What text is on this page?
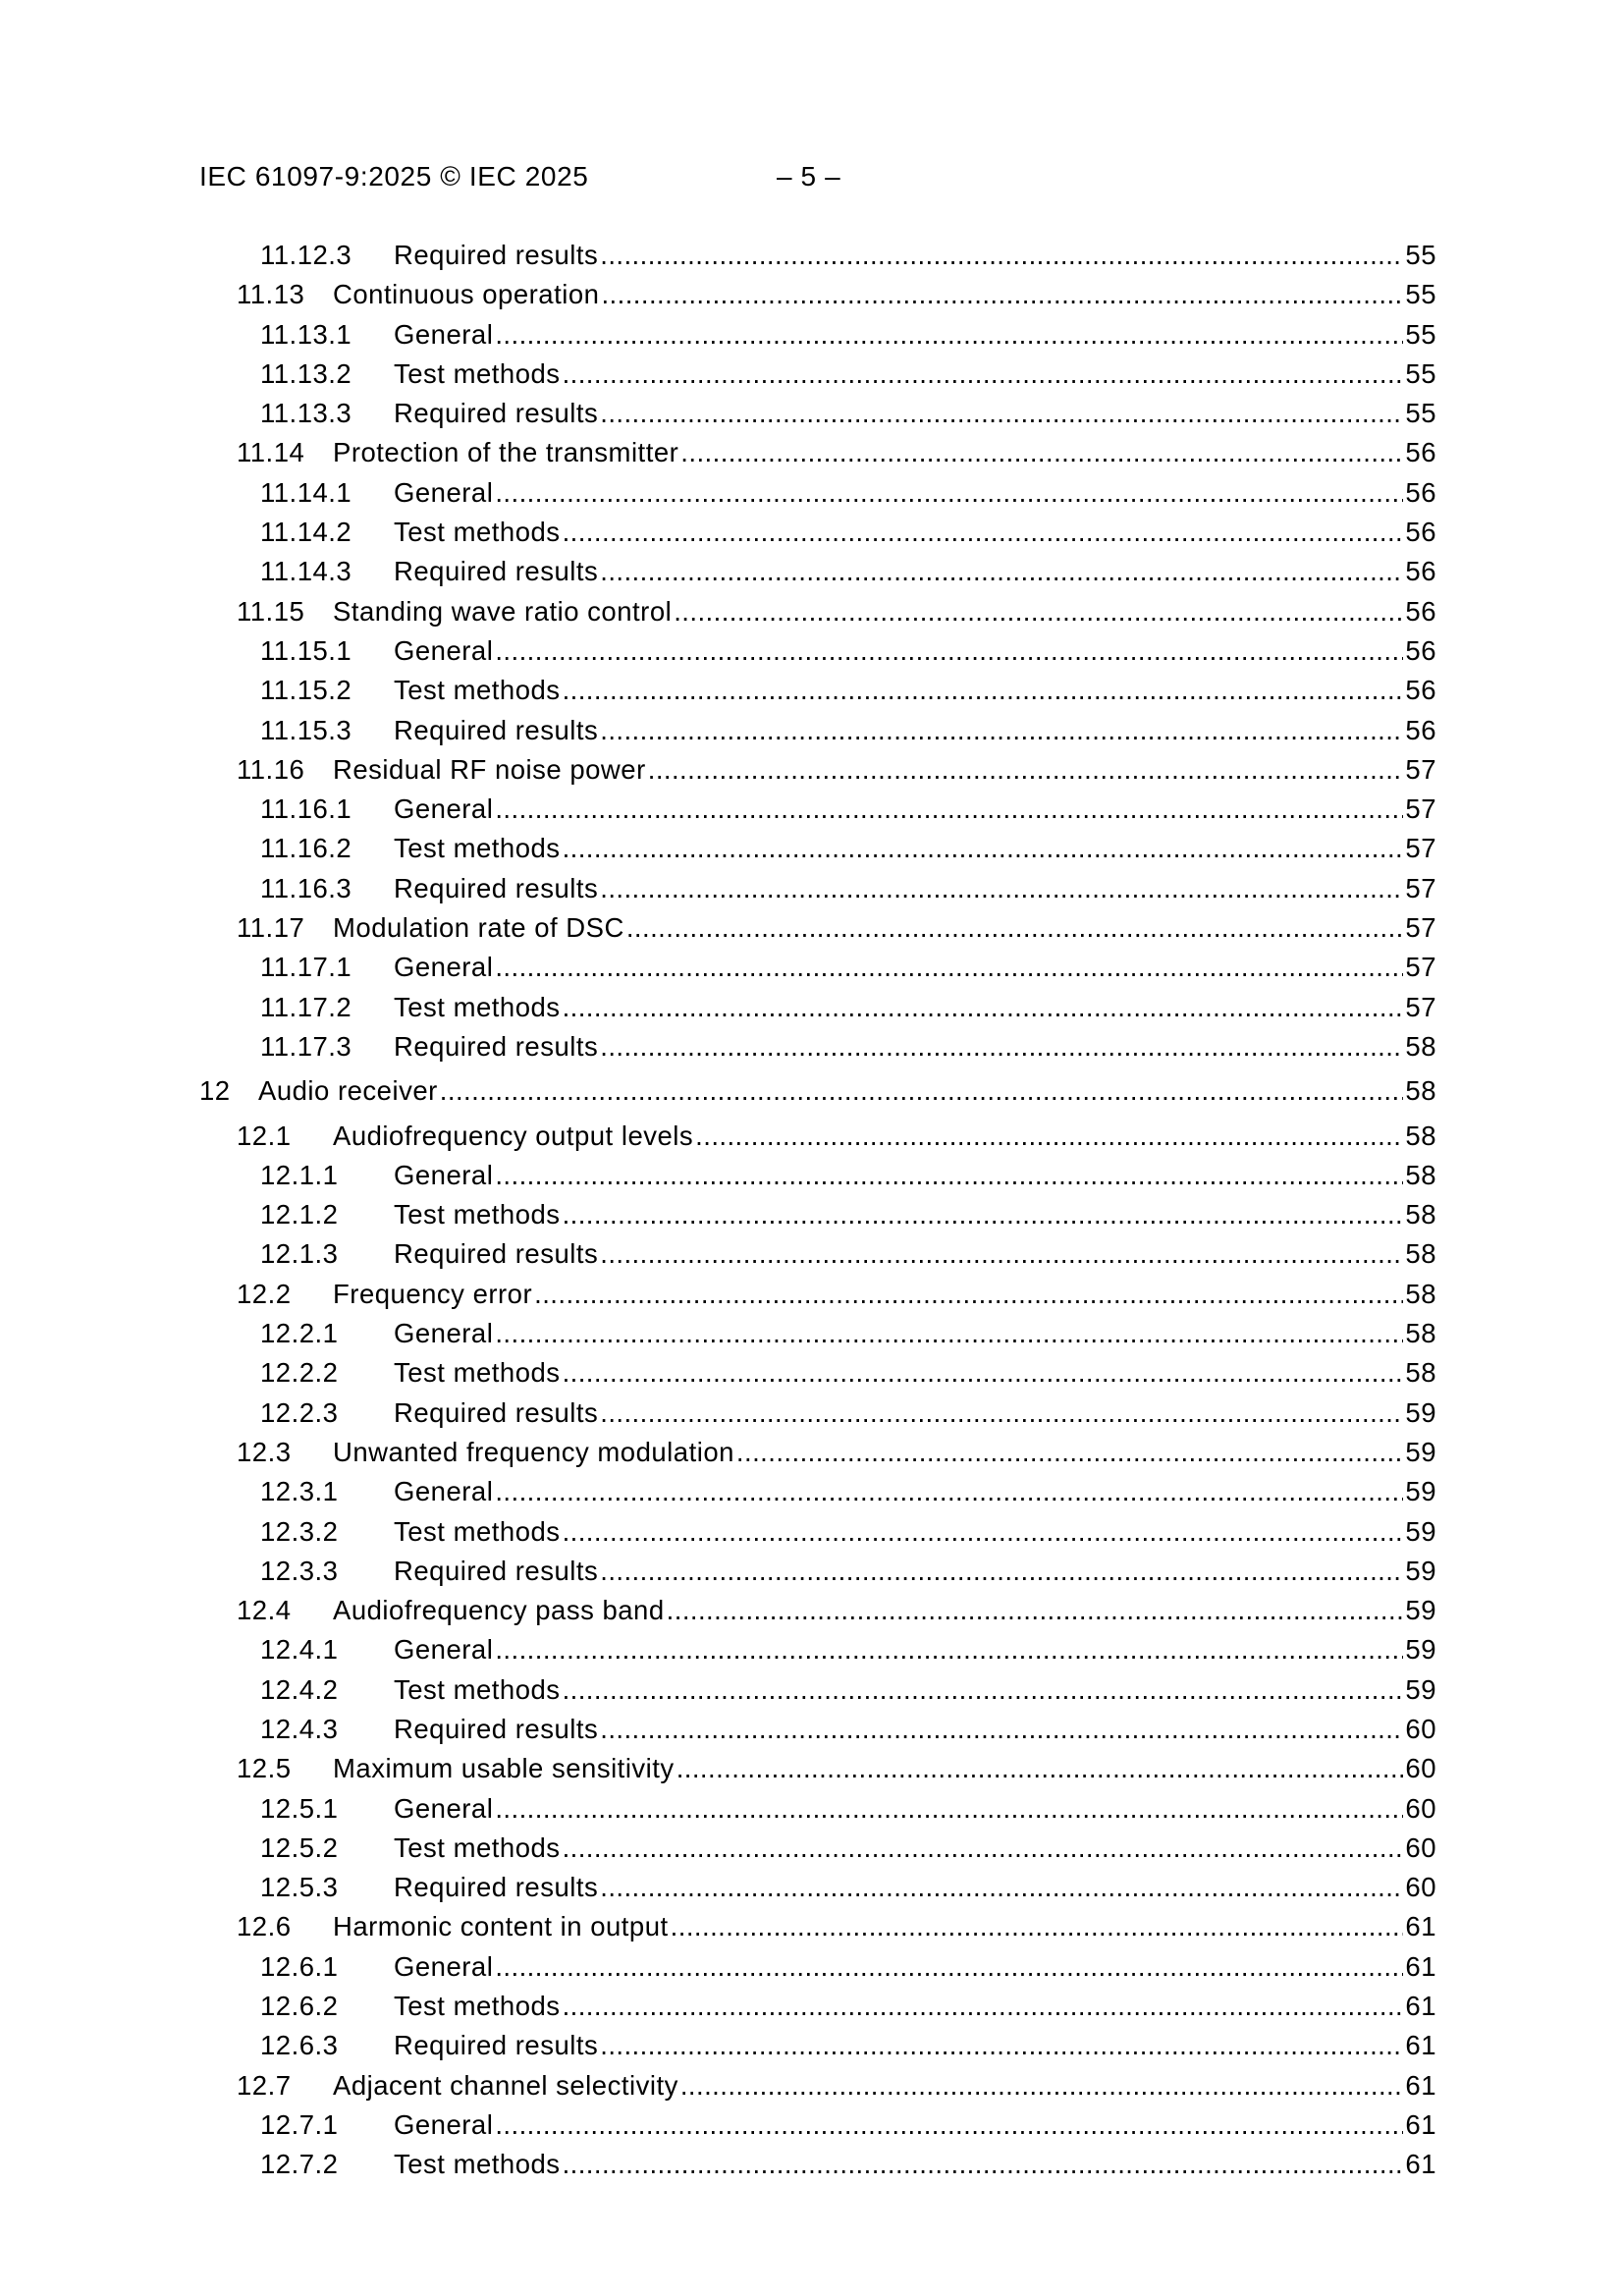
IEC 61097-9:2025 © IEC 2025	– 5 –
11.12.3 Required results . . .	55
11.13 Continuous operation . . .	55
11.13.1 General . . .	55
11.13.2 Test methods . . .	55
11.13.3 Required results . . .	55
11.14 Protection of the transmitter . . .	56
11.14.1 General . . .	56
11.14.2 Test methods . . .	56
11.14.3 Required results . . .	56
11.15 Standing wave ratio control . . .	56
11.15.1 General . . .	56
11.15.2 Test methods . . .	56
11.15.3 Required results . . .	56
11.16 Residual RF noise power . . .	57
11.16.1 General . . .	57
11.16.2 Test methods . . .	57
11.16.3 Required results . . .	57
11.17 Modulation rate of DSC . . .	57
11.17.1 General . . .	57
11.17.2 Test methods . . .	57
11.17.3 Required results . . .	58
12 Audio receiver . . .	58
12.1 Audiofrequency output levels . . .	58
12.1.1 General . . .	58
12.1.2 Test methods . . .	58
12.1.3 Required results . . .	58
12.2 Frequency error . . .	58
12.2.1 General . . .	58
12.2.2 Test methods . . .	58
12.2.3 Required results . . .	59
12.3 Unwanted frequency modulation . . .	59
12.3.1 General . . .	59
12.3.2 Test methods . . .	59
12.3.3 Required results . . .	59
12.4 Audiofrequency pass band . . .	59
12.4.1 General . . .	59
12.4.2 Test methods . . .	59
12.4.3 Required results . . .	60
12.5 Maximum usable sensitivity . . .	60
12.5.1 General . . .	60
12.5.2 Test methods . . .	60
12.5.3 Required results . . .	60
12.6 Harmonic content in output . . .	61
12.6.1 General . . .	61
12.6.2 Test methods . . .	61
12.6.3 Required results . . .	61
12.7 Adjacent channel selectivity . . .	61
12.7.1 General . . .	61
12.7.2 Test methods . . .	61
